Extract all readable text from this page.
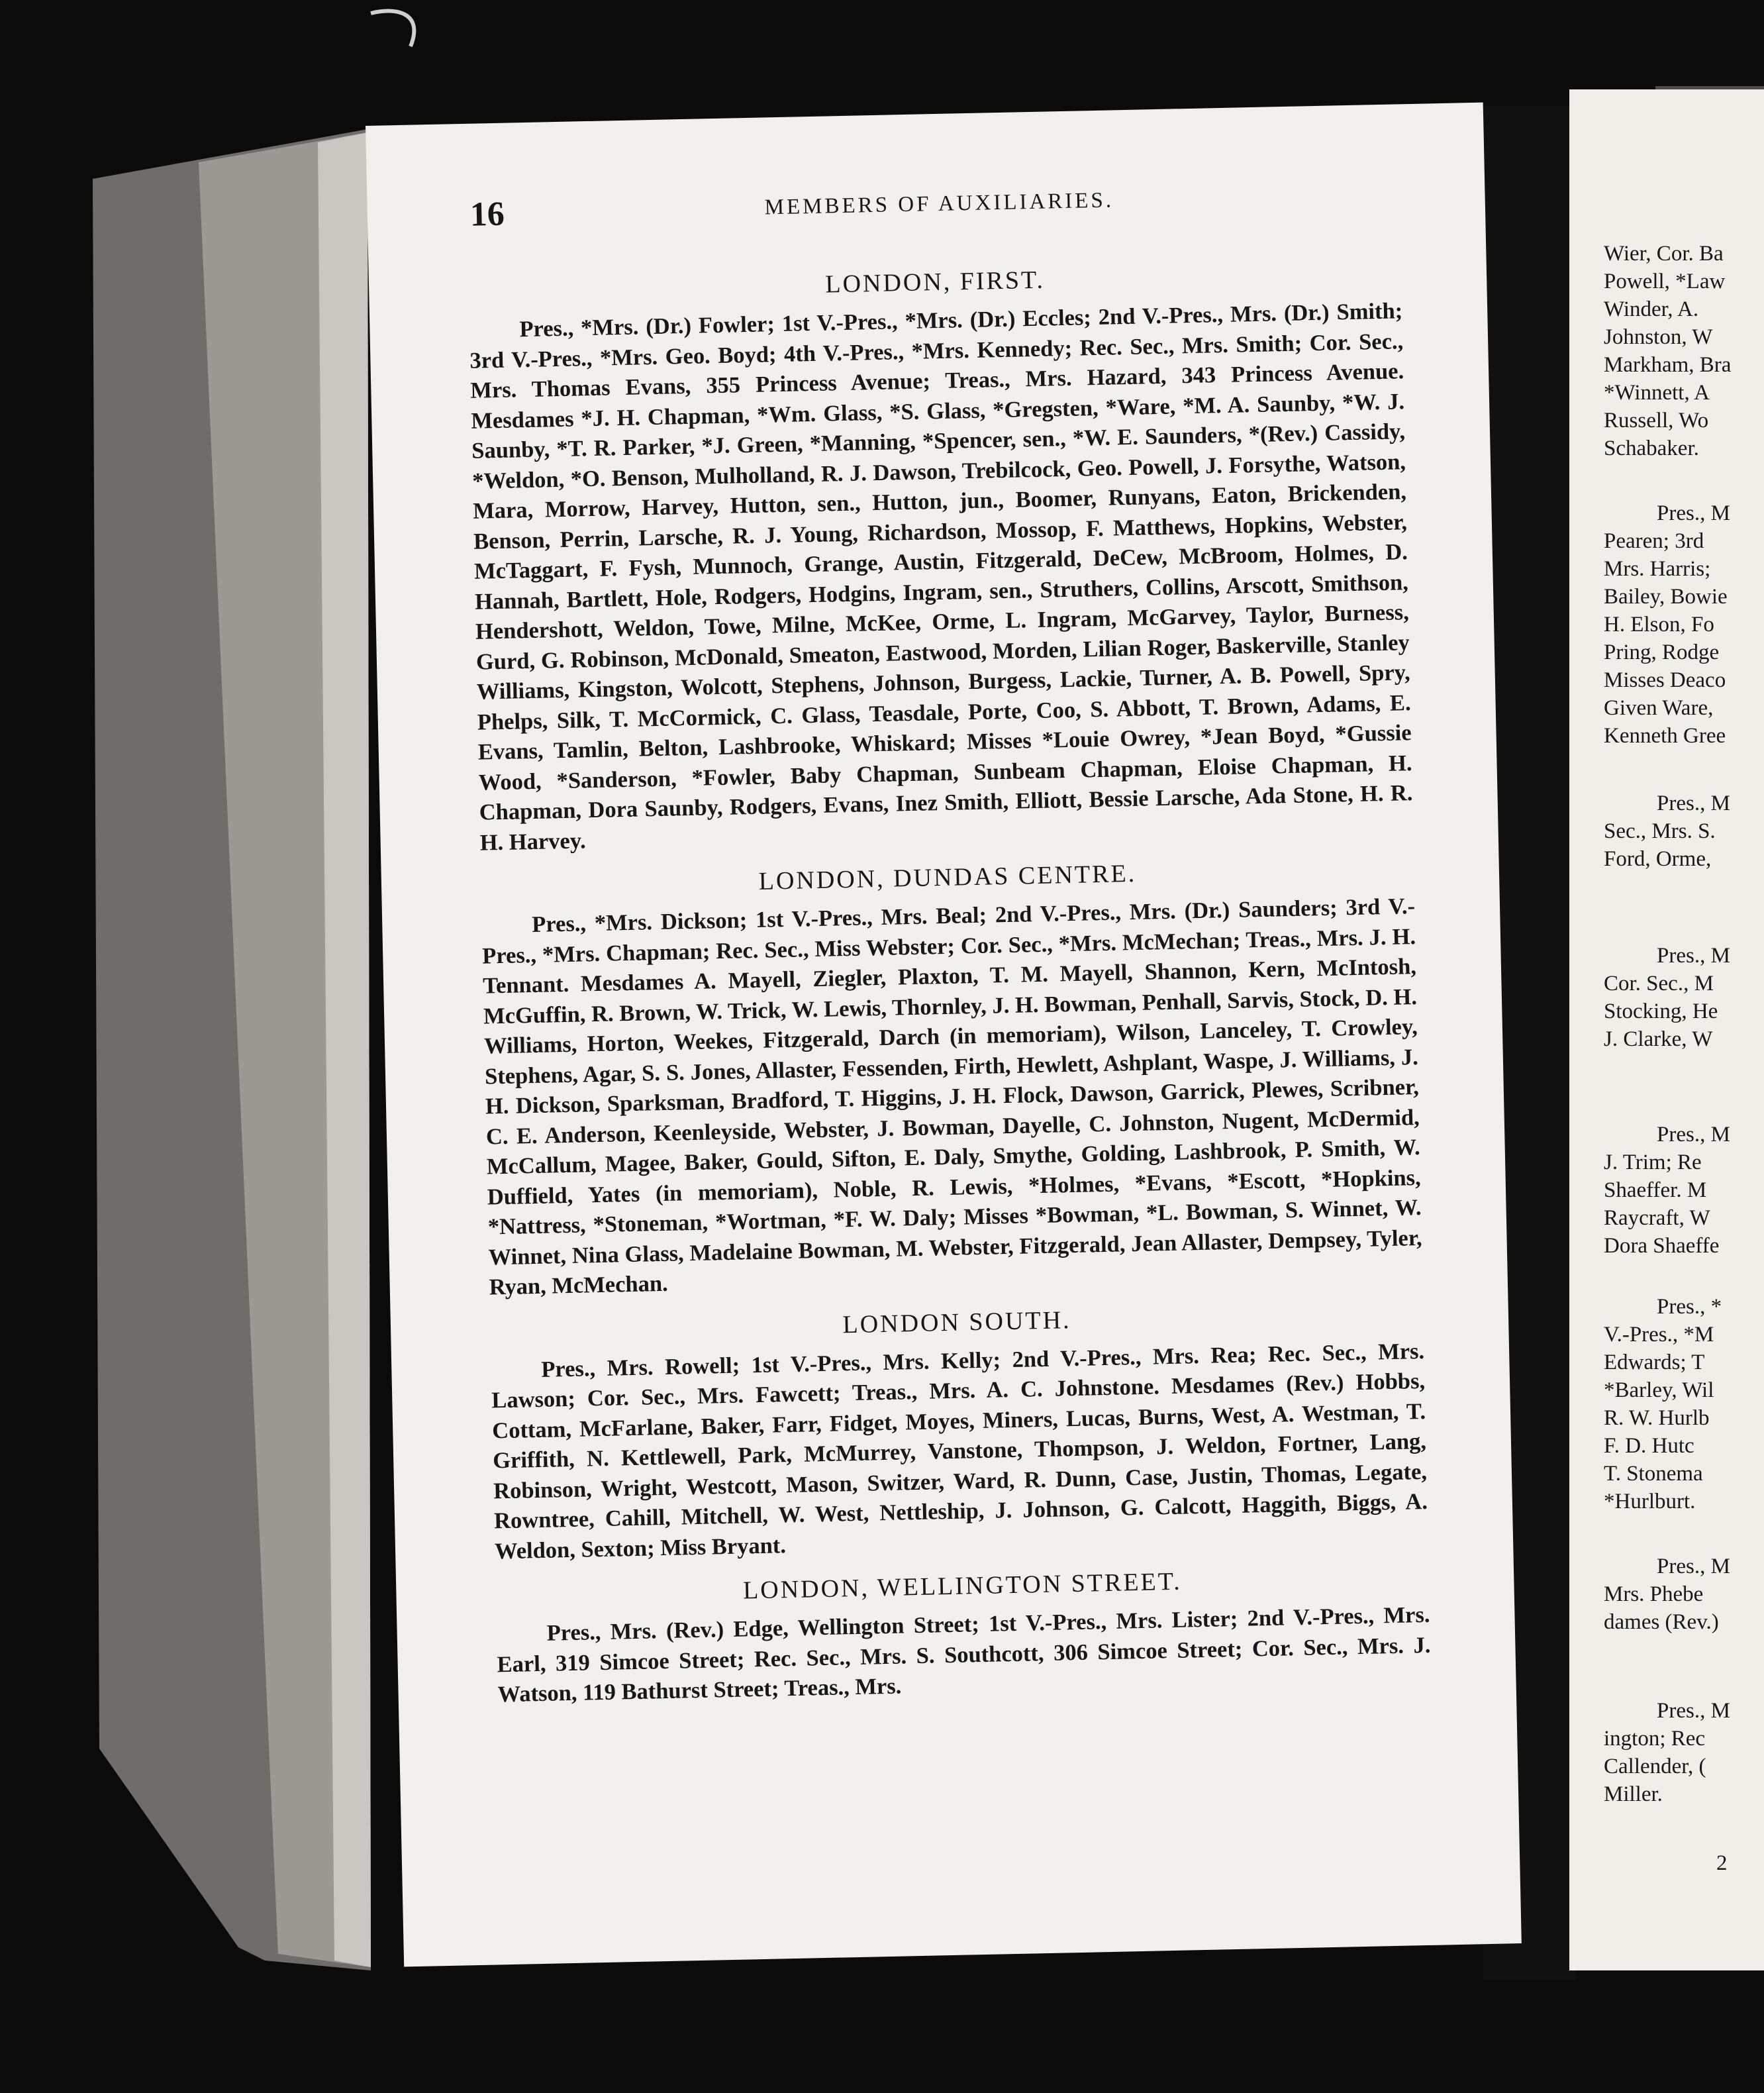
16	MEMBERS OF AUXILIARIES.
LONDON, FIRST.

Pres., *Mrs. (Dr.) Fowler; 1st V.-Pres., *Mrs. (Dr.) Eccles; 2nd V.-Pres., Mrs. (Dr.) Smith; 3rd V.-Pres., *Mrs. Geo. Boyd; 4th V.-Pres., *Mrs. Kennedy; Rec. Sec., Mrs. Smith; Cor. Sec., Mrs. Thomas Evans, 355 Princess Avenue; Treas., Mrs. Hazard, 343 Princess Avenue. Mesdames *J. H. Chapman, *Wm. Glass, *S. Glass, *Gregsten, *Ware, *M. A. Saunby, *W. J. Saunby, *T. R. Parker, *J. Green, *Manning, *Spencer, sen., *W. E. Saunders, *(Rev.) Cassidy, *Weldon, *O. Benson, Mulholland, R. J. Dawson, Trebilcock, Geo. Powell, J. Forsythe, Watson, Mara, Morrow, Harvey, Hutton, sen., Hutton, jun., Boomer, Runyans, Eaton, Brickenden, Benson, Perrin, Larsche, R. J. Young, Richardson, Mossop, F. Matthews, Hopkins, Webster, McTaggart, F. Fysh, Munnoch, Grange, Austin, Fitzgerald, DeCew, McBroom, Holmes, D. Hannah, Bartlett, Hole, Rodgers, Hodgins, Ingram, sen., Struthers, Collins, Arscott, Smithson, Hendershott, Weldon, Towe, Milne, McKee, Orme, L. Ingram, McGarvey, Taylor, Burness, Gurd, G. Robinson, McDonald, Smeaton, Eastwood, Morden, Lilian Roger, Baskerville, Stanley Williams, Kingston, Wolcott, Stephens, Johnson, Burgess, Lackie, Turner, A. B. Powell, Spry, Phelps, Silk, T. McCormick, C. Glass, Teasdale, Porte, Coo, S. Abbott, T. Brown, Adams, E. Evans, Tamlin, Belton, Lashbrooke, Whiskard; Misses *Louie Owrey, *Jean Boyd, *Gussie Wood, *Sanderson, *Fowler, Baby Chapman, Sunbeam Chapman, Eloise Chapman, H. Chapman, Dora Saunby, Rodgers, Evans, Inez Smith, Elliott, Bessie Larsche, Ada Stone, H. R. H. Harvey.

LONDON, DUNDAS CENTRE.

Pres., *Mrs. Dickson; 1st V.-Pres., Mrs. Beal; 2nd V.-Pres., Mrs. (Dr.) Saunders; 3rd V.-Pres., *Mrs. Chapman; Rec. Sec., Miss Webster; Cor. Sec., *Mrs. McMechan; Treas., Mrs. J. H. Tennant. Mesdames A. Mayell, Ziegler, Plaxton, T. M. Mayell, Shannon, Kern, McIntosh, McGuffin, R. Brown, W. Trick, W. Lewis, Thornley, J. H. Bowman, Penhall, Sarvis, Stock, D. H. Williams, Horton, Weekes, Fitzgerald, Darch (in memoriam), Wilson, Lanceley, T. Crowley, Stephens, Agar, S. S. Jones, Allaster, Fessenden, Firth, Hewlett, Ashplant, Waspe, J. Williams, J. H. Dickson, Sparksman, Bradford, T. Higgins, J. H. Flock, Dawson, Garrick, Plewes, Scribner, C. E. Anderson, Keenleyside, Webster, J. Bowman, Dayelle, C. Johnston, Nugent, McDermid, McCallum, Magee, Baker, Gould, Sifton, E. Daly, Smythe, Golding, Lashbrook, P. Smith, W. Duffield, Yates (in memoriam), Noble, R. Lewis, *Holmes, *Evans, *Escott, *Hopkins, *Nattress, *Stoneman, *Wortman, *F. W. Daly; Misses *Bowman, *L. Bowman, S. Winnet, W. Winnet, Nina Glass, Madelaine Bowman, M. Webster, Fitzgerald, Jean Allaster, Dempsey, Tyler, Ryan, McMechan.

LONDON SOUTH.

Pres., Mrs. Rowell; 1st V.-Pres., Mrs. Kelly; 2nd V.-Pres., Mrs. Rea; Rec. Sec., Mrs. Lawson; Cor. Sec., Mrs. Fawcett; Treas., Mrs. A. C. Johnstone. Mesdames (Rev.) Hobbs, Cottam, McFarlane, Baker, Farr, Fidget, Moyes, Miners, Lucas, Burns, West, A. Westman, T. Griffith, N. Kettlewell, Park, McMurrey, Vanstone, Thompson, J. Weldon, Fortner, Lang, Robinson, Wright, Westcott, Mason, Switzer, Ward, R. Dunn, Case, Justin, Thomas, Legate, Rowntree, Cahill, Mitchell, W. West, Nettleship, J. Johnson, G. Calcott, Haggith, Biggs, A. Weldon, Sexton; Miss Bryant.

LONDON, WELLINGTON STREET.

Pres., Mrs. (Rev.) Edge, Wellington Street; 1st V.-Pres., Mrs. Lister; 2nd V.-Pres., Mrs. Earl, 319 Simcoe Street; Rec. Sec., Mrs. S. Southcott, 306 Simcoe Street; Cor. Sec., Mrs. J. Watson, 119 Bathurst Street; Treas., Mrs.

Wier, Cor. Ba
Powell, *Law
Winder, A.
Johnston, W
Markham, Bra
*Winnett, A
Russell, Wo
Schabaker.
Pres., M
Pearen; 3rd
Mrs. Harris;
Bailey, Bowie
H. Elson, Fo
Pring, Rodge
Misses Deaco
Given Ware,
Kenneth Gree
Pres., M
Sec., Mrs. S.
Ford, Orme,
Pres., M
Cor. Sec., M
Stocking, He
J. Clarke, W
Pres., M
J. Trim; Re
Shaeffer. M
Raycraft, W
Dora Shaeffe
Pres., *
V.-Pres., *M
Edwards; T
*Barley, Wil
R. W. Hurlb
F. D. Hutc
T. Stonema
*Hurlburt.
Pres., M
Mrs. Phebe
dames (Rev.)
Pres., M
ington; Rec
Callender, (
Miller.
2
